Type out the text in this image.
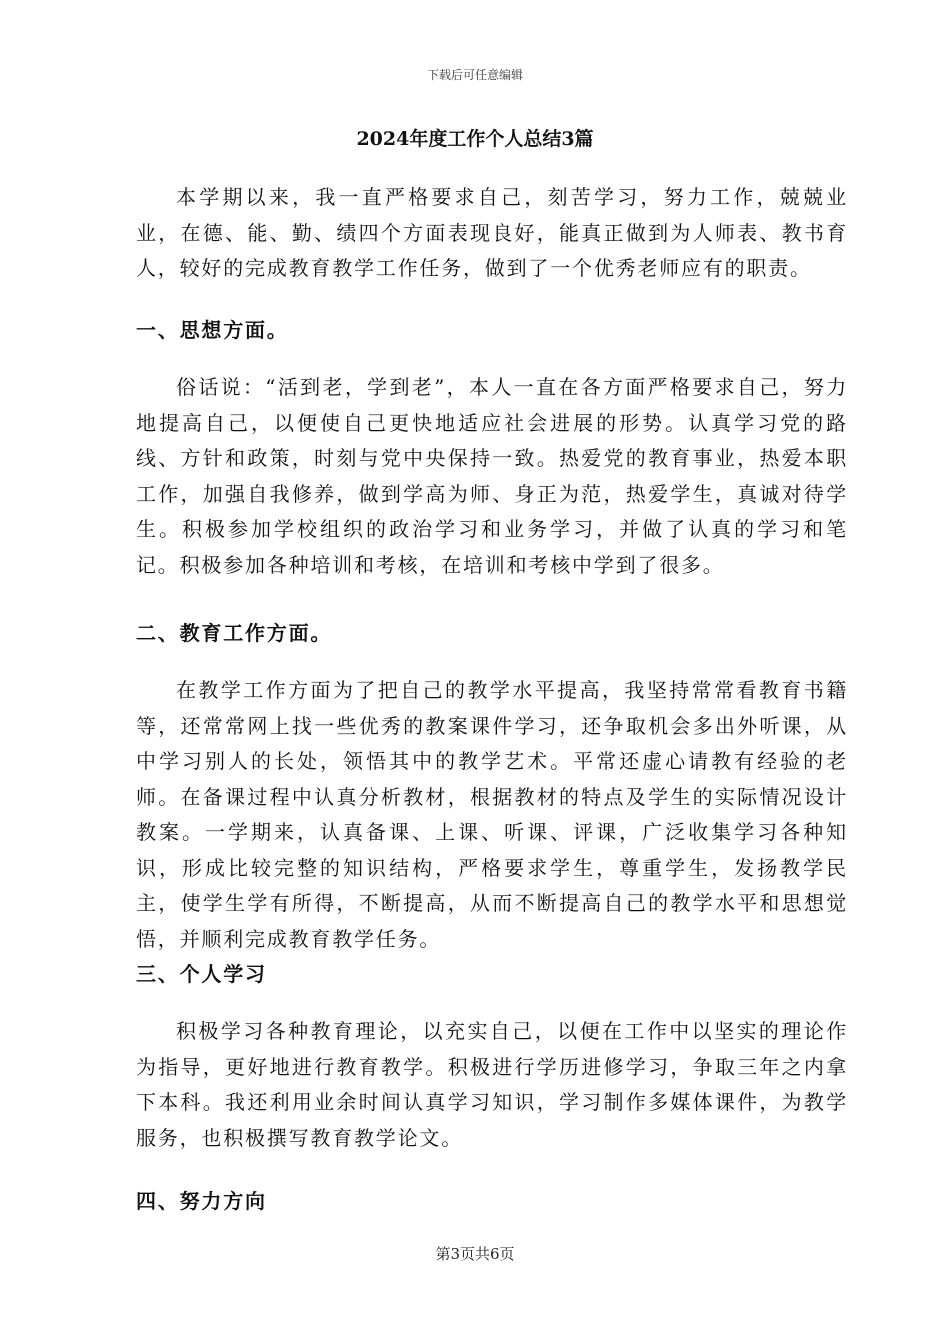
下载后可任意编辑
2024年度工作个人总结3篇

本学期以来，我一直严格要求自己，刻苦学习，努力工作，兢兢业业，在德、能、勤、绩四个方面表现良好，能真正做到为人师表、教书育人，较好的完成教育教学工作任务，做到了一个优秀老师应有的职责。

一、思想方面。

俗话说：“活到老，学到老”，本人一直在各方面严格要求自己，努力地提高自己，以便使自己更快地适应社会进展的形势。认真学习党的路线、方针和政策，时刻与党中央保持一致。热爱党的教育事业，热爱本职工作，加强自我修养，做到学高为师、身正为范，热爱学生，真诚对待学生。积极参加学校组织的政治学习和业务学习，并做了认真的学习和笔记。积极参加各种培训和考核，在培训和考核中学到了很多。

二、教育工作方面。

在教学工作方面为了把自己的教学水平提高，我坚持常常看教育书籍等，还常常网上找一些优秀的教案课件学习，还争取机会多出外听课，从中学习别人的长处，领悟其中的教学艺术。平常还虚心请教有经验的老师。在备课过程中认真分析教材，根据教材的特点及学生的实际情况设计教案。一学期来，认真备课、上课、听课、评课，广泛收集学习各种知识，形成比较完整的知识结构，严格要求学生，尊重学生，发扬教学民主，使学生学有所得，不断提高，从而不断提高自己的教学水平和思想觉悟，并顺利完成教育教学任务。

三、个人学习

积极学习各种教育理论，以充实自己，以便在工作中以坚实的理论作为指导，更好地进行教育教学。积极进行学历进修学习，争取三年之内拿下本科。我还利用业余时间认真学习知识，学习制作多媒体课件，为教学服务，也积极撰写教育教学论文。

四、努力方向
第3页共6页
